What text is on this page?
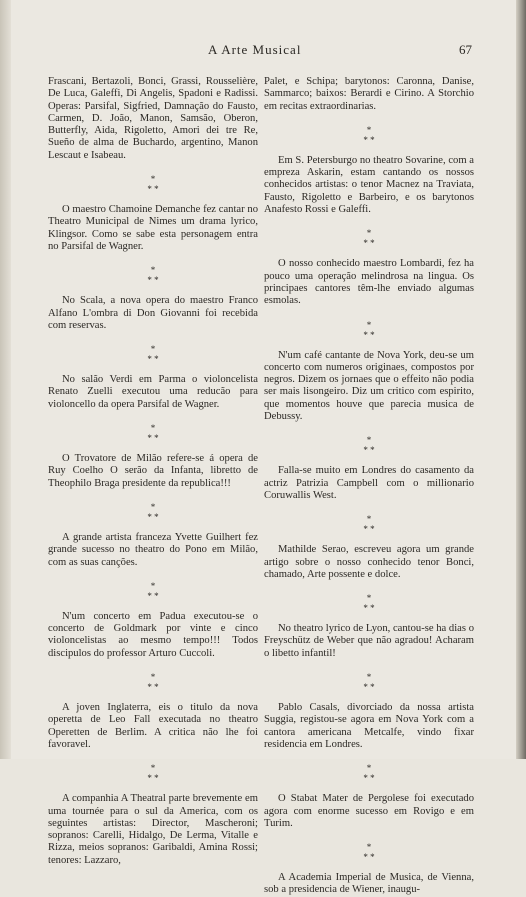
A Arte Musical	67

Frascani, Bertazoli, Bonci, Grassi, Rousselière, De Luca, Galeffi, Di Angelis, Spadoni e Radissi. Operas: Parsifal, Sigfried, Damnação do Fausto, Carmen, D. João, Manon, Samsão, Oberon, Butterfly, Aida, Rigoletto, Amori dei tre Re, Sueño de alma de Buchardo, argentino, Manon Lescaut e Isabeau.

*
* *

O maestro Chamoine Demanche fez cantar no Theatro Municipal de Nimes um drama lyrico, Klingsor. Como se sabe esta personagem entra no Parsifal de Wagner.

*
* *

No Scala, a nova opera do maestro Franco Alfano L'ombra di Don Giovanni foi recebida com reservas.

*
* *

No salão Verdi em Parma o violoncelista Renato Zuelli executou uma reducão para violoncello da opera Parsifal de Wagner.

*
* *

O Trovatore de Milão refere-se á opera de Ruy Coelho O serão da Infanta, libretto de Theophilo Braga presidente da republica!!!

*
* *

A grande artista franceza Yvette Guilhert fez grande sucesso no theatro do Pono em Milão, com as suas canções.

*
* *

N'um concerto em Padua executou-se o concerto de Goldmark por vinte e cinco violoncelistas ao mesmo tempo!!! Todos discipulos do professor Arturo Cuccoli.

*
* *

A joven Inglaterra, eis o titulo da nova operetta de Leo Fall executada no theatro Operetten de Berlim. A critica não lhe foi favoravel.

*
* *

A companhia A Theatral parte brevemente em uma tournée para o sul da America, com os seguintes artistas: Director, Mascheroni; sopranos: Carelli, Hidalgo, De Lerma, Vitalle e Rizza, meios sopranos: Garibaldi, Amina Rossi; tenores: Lazzaro,

Palet, e Schipa; barytonos: Caronna, Danise, Sammarco; baixos: Berardi e Cirino. A Storchio em recitas extraordinarias.

*
* *

Em S. Petersburgo no theatro Sovarine, com a empreza Askarin, estam cantando os nossos conhecidos artistas: o tenor Macnez na Traviata, Fausto, Rigoletto e Barbeiro, e os barytonos Anafesto Rossi e Galeffi.

*
* *

O nosso conhecido maestro Lombardi, fez ha pouco uma operação melindrosa na lingua. Os principaes cantores têm-lhe enviado algumas esmolas.

*
* *

N'um café cantante de Nova York, deu-se um concerto com numeros originaes, compostos por negros. Dizem os jornaes que o effeito não podia ser mais lisongeiro. Diz um critico com espirito, que momentos houve que parecia musica de Debussy.

*
* *

Falla-se muito em Londres do casamento da actriz Patrizia Campbell com o millionario Coruwallis West.

*
* *

Mathilde Serao, escreveu agora um grande artigo sobre o nosso conhecido tenor Bonci, chamado, Arte possente e dolce.

*
* *

No theatro lyrico de Lyon, cantou-se ha dias o Freyschütz de Weber que não agradou! Acharam o libetto infantil!

*
* *

Pablo Casals, divorciado da nossa artista Suggia, registou-se agora em Nova York com a cantora americana Metcalfe, vindo fixar residencia em Londres.

*
* *

O Stabat Mater de Pergolese foi executado agora com enorme sucesso em Rovigo e em Turim.

*
* *

A Academia Imperial de Musica, de Vienna, sob a presidencia de Wiener, inaugu-
